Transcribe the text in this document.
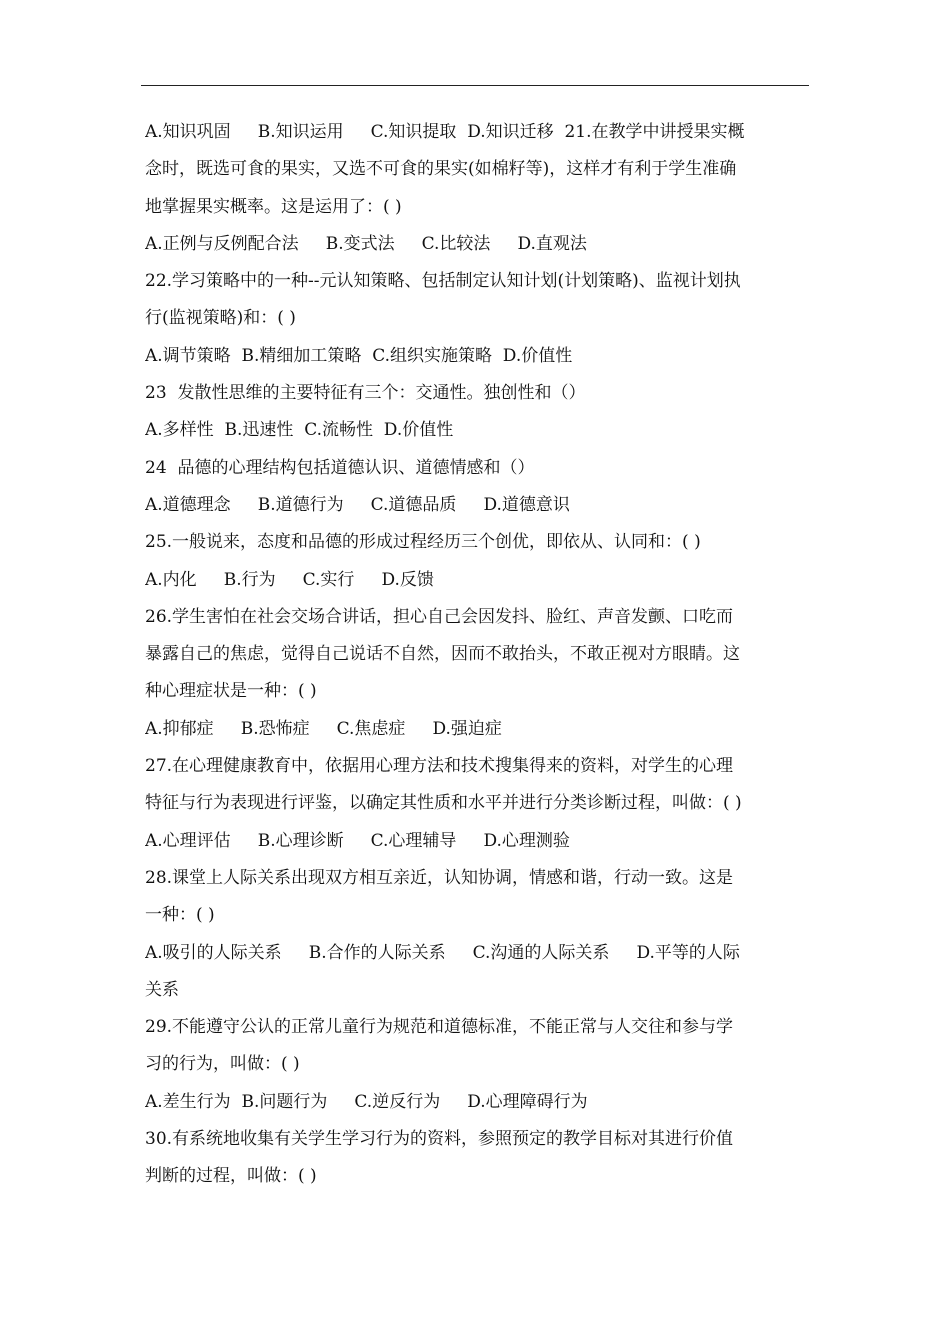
A.知识巩固     B.知识运用     C.知识提取  D.知识迁移  21.在教学中讲授果实概
念时，既选可食的果实，又选不可食的果实(如棉籽等)，这样才有利于学生准确
地掌握果实概率。这是运用了：( )
A.正例与反例配合法     B.变式法     C.比较法     D.直观法
22.学习策略中的一种--元认知策略、包括制定认知计划(计划策略)、监视计划执
行(监视策略)和：( )
A.调节策略  B.精细加工策略  C.组织实施策略  D.价值性
23  发散性思维的主要特征有三个：交通性。独创性和（）
A.多样性  B.迅速性  C.流畅性  D.价值性
24  品德的心理结构包括道德认识、道德情感和（）
A.道德理念     B.道德行为     C.道德品质     D.道德意识
25.一般说来，态度和品德的形成过程经历三个创优，即依从、认同和：( )
A.内化     B.行为     C.实行     D.反馈
26.学生害怕在社会交场合讲话，担心自己会因发抖、脸红、声音发颤、口吃而
暴露自己的焦虑，觉得自己说话不自然，因而不敢抬头，不敢正视对方眼睛。这
种心理症状是一种：( )
A.抑郁症     B.恐怖症     C.焦虑症     D.强迫症
27.在心理健康教育中，依据用心理方法和技术搜集得来的资料，对学生的心理
特征与行为表现进行评鉴，以确定其性质和水平并进行分类诊断过程，叫做：( )
A.心理评估     B.心理诊断     C.心理辅导     D.心理测验
28.课堂上人际关系出现双方相互亲近，认知协调，情感和谐，行动一致。这是
一种：( )
A.吸引的人际关系     B.合作的人际关系     C.沟通的人际关系     D.平等的人际
关系
29.不能遵守公认的正常儿童行为规范和道德标准，不能正常与人交往和参与学
习的行为，叫做：( )
A.差生行为  B.问题行为     C.逆反行为     D.心理障碍行为
30.有系统地收集有关学生学习行为的资料，参照预定的教学目标对其进行价值
判断的过程，叫做：( )
